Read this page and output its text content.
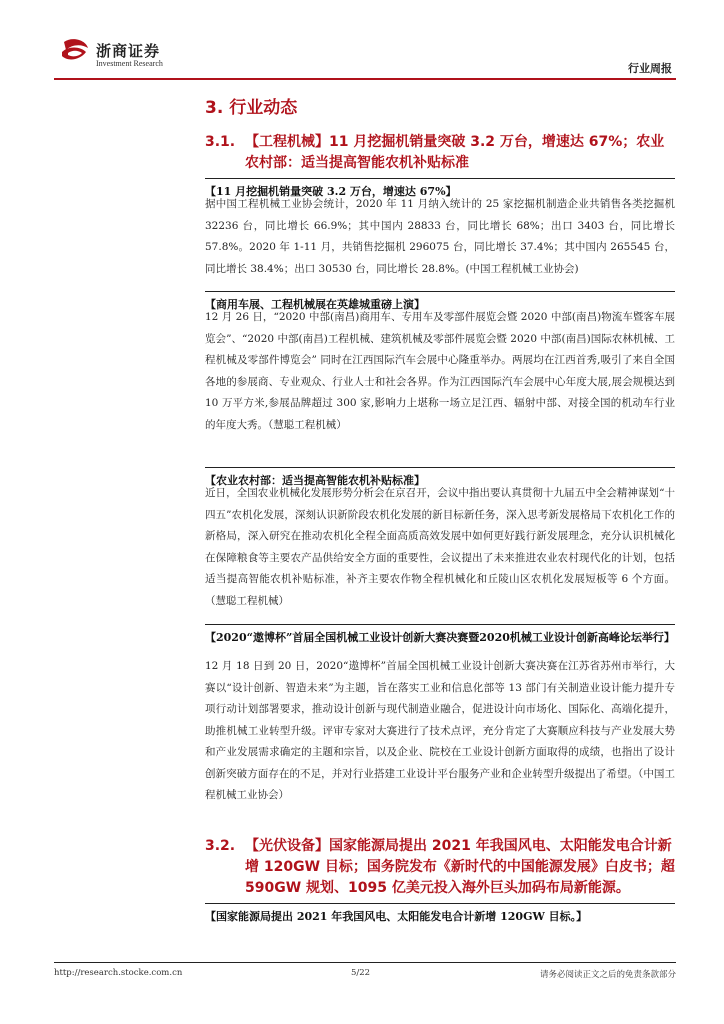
浙商证券
Investment Research	行业周报
3. 行业动态
3.1. 【工程机械】11 月挖掘机销量突破 3.2 万台，增速达 67%；农业农村部：适当提高智能农机补贴标准
【11 月挖掘机销量突破 3.2 万台，增速达 67%】

据中国工程机械工业协会统计，2020 年 11 月纳入统计的 25 家挖掘机制造企业共销售各类挖掘机 32236 台，同比增长 66.9%；其中国内 28833 台，同比增长 68%；出口 3403 台，同比增长 57.8%。2020 年 1-11 月，共销售挖掘机 296075 台，同比增长 37.4%；其中国内 265545 台，同比增长 38.4%；出口 30530 台，同比增长 28.8%。(中国工程机械工业协会)

【商用车展、工程机械展在英雄城重磅上演】

12 月 26 日，“2020 中部(南昌)商用车、专用车及零部件展览会暨 2020 中部(南昌)物流车暨客车展览会”、“2020 中部(南昌)工程机械、建筑机械及零部件展览会暨 2020 中部(南昌)国际农林机械、工程机械及零部件博览会” 同时在江西国际汽车会展中心隆重举办。两展均在江西首秀,吸引了来自全国各地的参展商、专业观众、行业人士和社会各界。作为江西国际汽车会展中心年度大展,展会规模达到 10 万平方米,参展品牌超过 300 家,影响力上堪称一场立足江西、辐射中部、对接全国的机动车行业的年度大秀。（慧聪工程机械）

【农业农村部：适当提高智能农机补贴标准】

近日，全国农业机械化发展形势分析会在京召开，会议中指出要认真贯彻十九届五中全会精神谋划“十四五”农机化发展，深刻认识新阶段农机化发展的新目标新任务，深入思考新发展格局下农机化工作的新格局，深入研究在推动农机化全程全面高质高效发展中如何更好践行新发展理念，充分认识机械化在保障粮食等主要农产品供给安全方面的重要性，会议提出了未来推进农业农村现代化的计划，包括适当提高智能农机补贴标准，补齐主要农作物全程机械化和丘陵山区农机化发展短板等 6 个方面。（慧聪工程机械）

【2020“遨博杯”首届全国机械工业设计创新大赛决赛暨2020机械工业设计创新高峰论坛举行】

12 月 18 日到 20 日，2020“遨博杯”首届全国机械工业设计创新大赛决赛在江苏省苏州市举行，大赛以“设计创新、智造未来”为主题，旨在落实工业和信息化部等 13 部门有关制造业设计能力提升专项行动计划部署要求，推动设计创新与现代制造业融合，促进设计向市场化、国际化、高端化提升，助推机械工业转型升级。评审专家对大赛进行了技术点评，充分肯定了大赛顺应科技与产业发展大势和产业发展需求确定的主题和宗旨，以及企业、院校在工业设计创新方面取得的成绩，也指出了设计创新突破方面存在的不足，并对行业搭建工业设计平台服务产业和企业转型升级提出了希望。（中国工程机械工业协会）

3.2. 【光伏设备】国家能源局提出 2021 年我国风电、太阳能发电合计新增 120GW 目标；国务院发布《新时代的中国能源发展》白皮书；超 590GW 规划、1095 亿美元投入海外巨头加码布局新能源。
【国家能源局提出 2021 年我国风电、太阳能发电合计新增 120GW 目标。】
http://research.stocke.com.cn	5/22	请务必阅读正文之后的免责条款部分
